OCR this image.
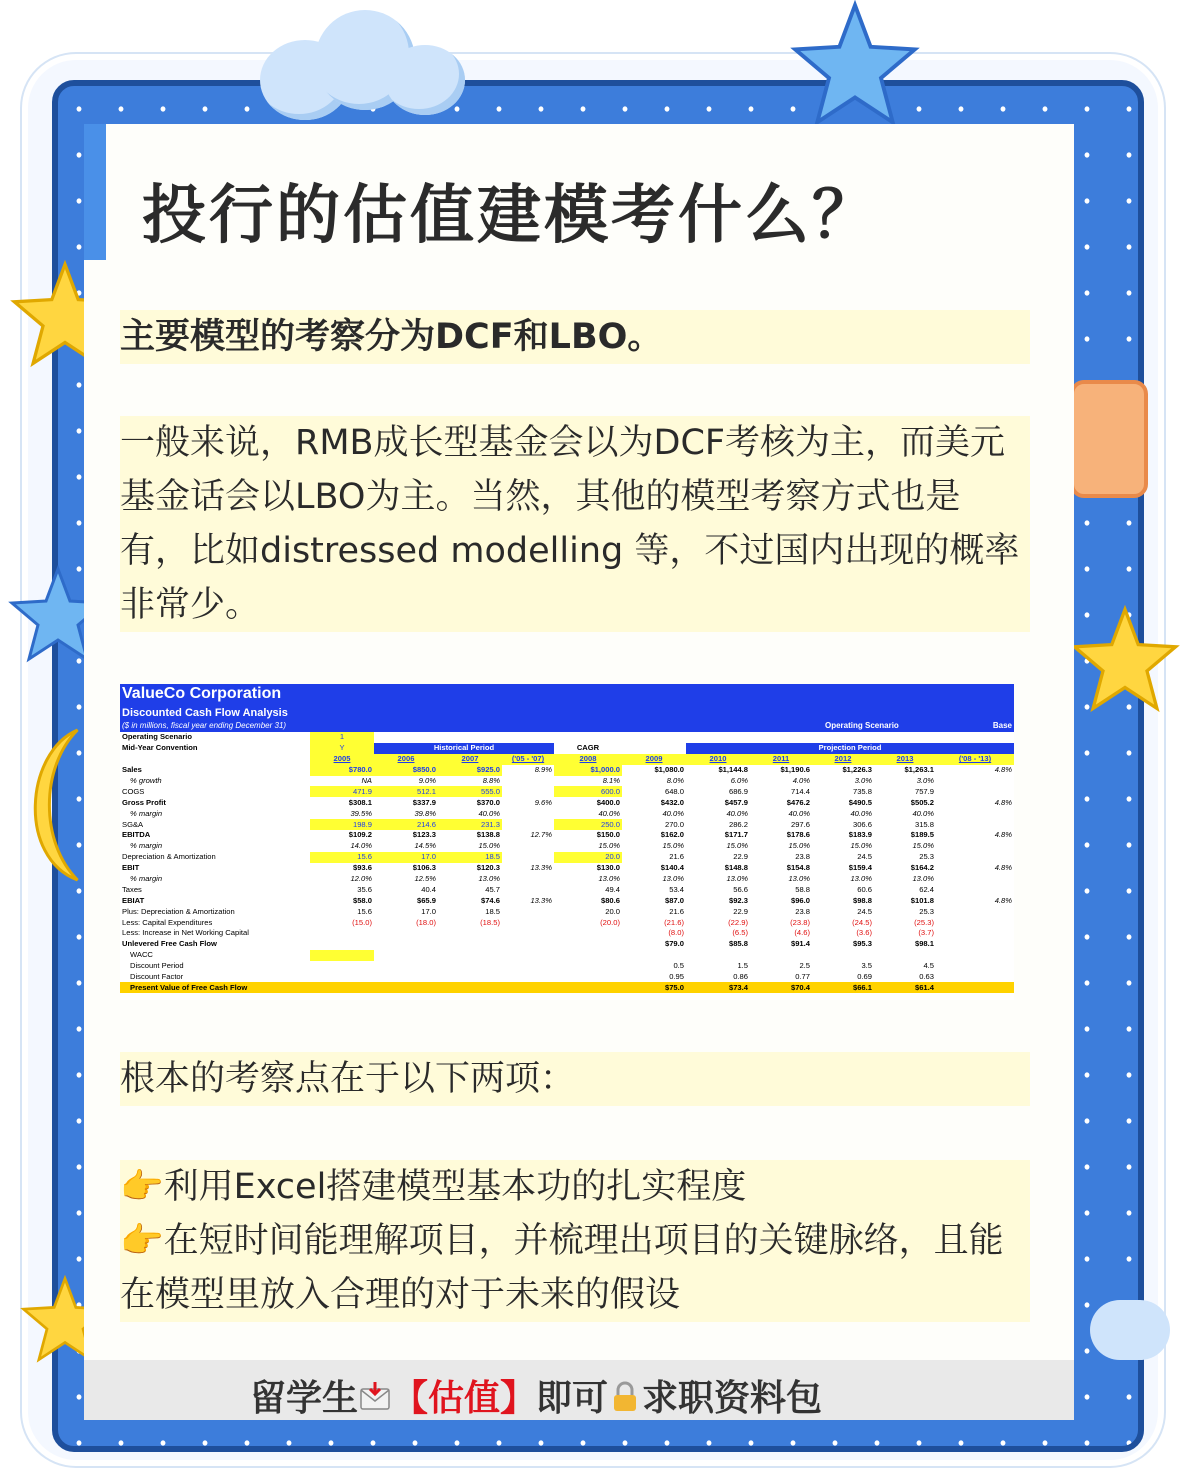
投行的估值建模考什么？
主要模型的考察分为DCF和LBO。
一般来说，RMB成长型基金会以为DCF考核为主，而美元基金话会以LBO为主。当然，其他的模型考察方式也是有，比如distressed modelling 等，不过国内出现的概率非常少。
ValueCo Corporation
Discounted Cash Flow Analysis
($ in millions, fiscal year ending December 31)	Operating Scenario	Base
Operating Scenario	1											
Mid-Year Convention	Y	Historical Period			CAGR		Projection Period	
	2005	2006	2007	('05 - '07)	2008	2009	2010	2011	2012	2013	('08 - '13)	
Sales	$780.0	$850.0	$925.0	8.9%	$1,000.0	$1,080.0	$1,144.8	$1,190.6	$1,226.3	$1,263.1	4.8%	
% growth	NA	9.0%	8.8%		8.1%	8.0%	6.0%	4.0%	3.0%	3.0%		
COGS	471.9	512.1	555.0		600.0	648.0	686.9	714.4	735.8	757.9		
Gross Profit	$308.1	$337.9	$370.0	9.6%	$400.0	$432.0	$457.9	$476.2	$490.5	$505.2	4.8%	
% margin	39.5%	39.8%	40.0%		40.0%	40.0%	40.0%	40.0%	40.0%	40.0%		
SG&A	198.9	214.6	231.3		250.0	270.0	286.2	297.6	306.6	315.8		
EBITDA	$109.2	$123.3	$138.8	12.7%	$150.0	$162.0	$171.7	$178.6	$183.9	$189.5	4.8%	
% margin	14.0%	14.5%	15.0%		15.0%	15.0%	15.0%	15.0%	15.0%	15.0%		
Depreciation & Amortization	15.6	17.0	18.5		20.0	21.6	22.9	23.8	24.5	25.3		
EBIT	$93.6	$106.3	$120.3	13.3%	$130.0	$140.4	$148.8	$154.8	$159.4	$164.2	4.8%	
% margin	12.0%	12.5%	13.0%		13.0%	13.0%	13.0%	13.0%	13.0%	13.0%		
Taxes	35.6	40.4	45.7		49.4	53.4	56.6	58.8	60.6	62.4		
EBIAT	$58.0	$65.9	$74.6	13.3%	$80.6	$87.0	$92.3	$96.0	$98.8	$101.8	4.8%	
Plus: Depreciation & Amortization	15.6	17.0	18.5		20.0	21.6	22.9	23.8	24.5	25.3		
Less: Capital Expenditures	(15.0)	(18.0)	(18.5)		(20.0)	(21.6)	(22.9)	(23.8)	(24.5)	(25.3)		
Less: Increase in Net Working Capital						(8.0)	(6.5)	(4.6)	(3.6)	(3.7)		
Unlevered Free Cash Flow						$79.0	$85.8	$91.4	$95.3	$98.1		
WACC												
Discount Period						0.5	1.5	2.5	3.5	4.5		
Discount Factor						0.95	0.86	0.77	0.69	0.63		
Present Value of Free Cash Flow						$75.0	$73.4	$70.4	$66.1	$61.4		
根本的考察点在于以下两项：
👉利用Excel搭建模型基本功的扎实程度
👉在短时间能理解项目，并梳理出项目的关键脉络，且能在模型里放入合理的对于未来的假设
留学生 【估值】即可 求职资料包
